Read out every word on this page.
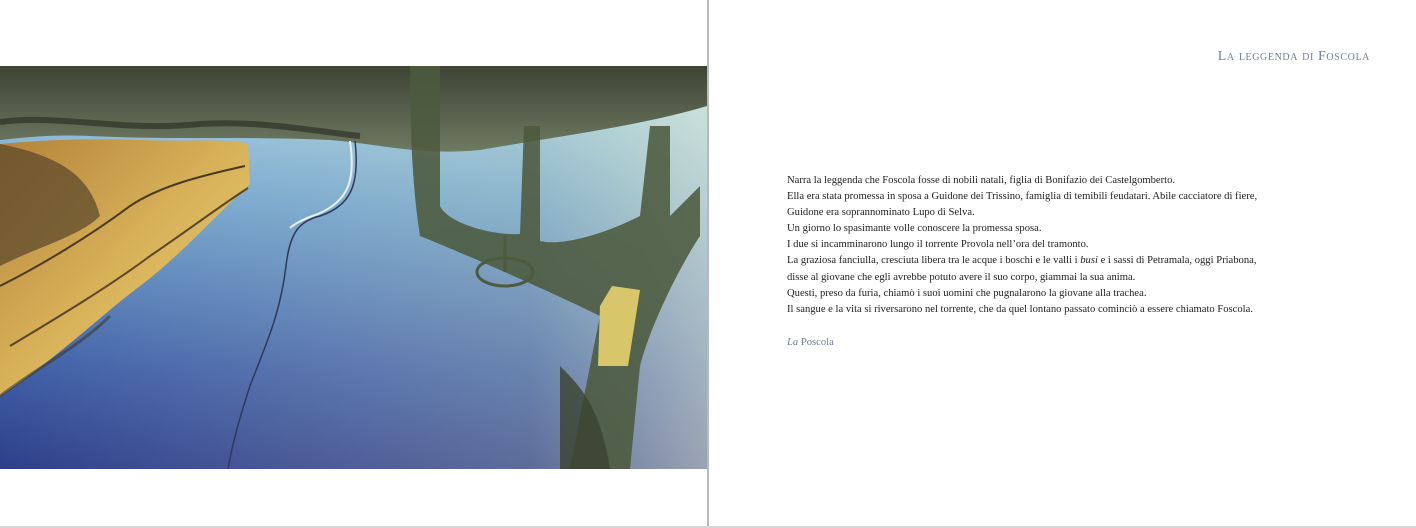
La leggenda di Foscola
Narra la leggenda che Foscola fosse di nobili natali, figlia di Bonifazio dei Castelgomberto.
Ella era stata promessa in sposa a Guidone dei Trissino, famiglia di temibili feudatari. Abile cacciatore di fiere,
Guidone era soprannominato Lupo di Selva.
Un giorno lo spasimante volle conoscere la promessa sposa.
I due si incamminarono lungo il torrente Provola nell’ora del tramonto.
La graziosa fanciulla, cresciuta libera tra le acque i boschi e le valli i busi e i sassi di Petramala, oggi Priabona,
disse al giovane che egli avrebbe potuto avere il suo corpo, giammai la sua anima.
Questi, preso da furia, chiamò i suoi uomini che pugnalarono la giovane alla trachea.
Il sangue e la vita si riversarono nel torrente, che da quel lontano passato cominciò a essere chiamato Foscola.
La Poscola
